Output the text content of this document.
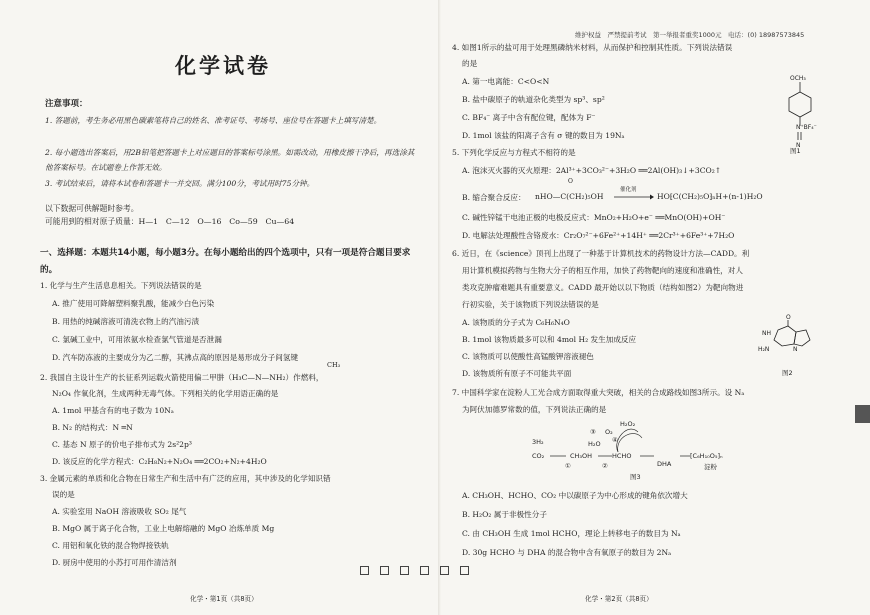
维护权益　严禁提前考试　第一举报者重奖1000元　电话：(0) 18987573845
化学试卷
注意事项：
1. 答题前，考生务必用黑色碳素笔将自己的姓名、准考证号、考场号、座位号在答题卡上填写清楚。
2. 每小题选出答案后，用2B铅笔把答题卡上对应题目的答案标号涂黑。如需改动，用橡皮擦干净后，再选涂其他答案标号。在试题卷上作答无效。
3. 考试结束后，请将本试卷和答题卡一并交回。满分100分，考试用时75分钟。
以下数据可供解题时参考。
可能用到的相对原子质量：H—1　C—12　O—16　Co—59　Cu—64
一、选择题：本题共14小题，每小题3分。在每小题给出的四个选项中，只有一项是符合题目要求的。
1. 化学与生产生活息息相关。下列说法错误的是
A. 推广使用可降解塑料聚乳酸，能减少白色污染
B. 用热的纯碱溶液可清洗衣物上的汽油污渍
C. 氯碱工业中，可用浓氨水检查氯气管道是否泄漏
D. 汽车防冻液的主要成分为乙二醇，其沸点高的原因是易形成分子间氢键
CH₃
2. 我国自主设计生产的长征系列运载火箭使用偏二甲肼（H₃C—N—NH₂）作燃料，
N₂O₄ 作氧化剂，生成两种无毒气体。下列相关的化学用语正确的是
A. 1mol 甲基含有的电子数为 10Nₐ
B. N₂ 的结构式：N ═N
C. 基态 N 原子的价电子排布式为 2s²2p³
D. 该反应的化学方程式：C₂H₈N₂+N₂O₄ ══2CO₂+N₂+4H₂O
3. 金属元素的单质和化合物在日常生产和生活中有广泛的应用，其中涉及的化学知识错
误的是
A. 实验室用 NaOH 溶液吸收 SO₂ 尾气
B. MgO 属于离子化合物，工业上电解熔融的 MgO 冶炼单质 Mg
C. 用铝和氧化铁的混合物焊接铁轨
D. 厨房中使用的小苏打可用作清洁剂
化学・第1页（共8页）
4. 如图1所示的盐可用于处理黑磷纳米材料，从而保护和控制其性质。下列说法错误
的是
A. 第一电离能：C<O<N
B. 盐中碳原子的轨道杂化类型为 sp³、sp²
C. BF₄⁻ 离子中含有配位键，配体为 F⁻
D. 1mol 该盐的阳离子含有 σ 键的数目为 19Nₐ
OCH₃
N⁺BF₄⁻
N
图1
5. 下列化学反应与方程式不相符的是
A. 泡沫灭火器的灭火原理：2Al³⁺+3CO₃²⁻+3H₂O ══2Al(OH)₃↓+3CO₂↑
B. 缩合聚合反应：
O
nHO—C(CH₂)₅OH
催化剂
HO⁅C(CH₂)₅O⁆ₙH+(n-1)H₂O
C. 碱性锌锰干电池正极的电极反应式：MnO₂+H₂O+e⁻ ══MnO(OH)+OH⁻
D. 电解法处理酸性含铬废水：Cr₂O₇²⁻+6Fe²⁺+14H⁺ ══2Cr³⁺+6Fe³⁺+7H₂O
6. 近日，在《science》顶刊上出现了一种基于计算机技术的药物设计方法—CADD。利
用计算机模拟药物与生物大分子的相互作用，加快了药物靶向的速度和准确性，对人
类攻克肿瘤难题具有重要意义。CADD 最开始以以下物质（结构如图2）为靶向物进
行初实验，关于该物质下列说法错误的是
A. 该物质的分子式为 C₆H₆N₄O
B. 1mol 该物质最多可以和 4mol H₂ 发生加成反应
C. 该物质可以使酸性高锰酸钾溶液褪色
D. 该物质所有原子不可能共平面
O
NH
H₂N	N
图2
7. 中国科学家在淀粉人工光合成方面取得重大突破，相关的合成路线如图3所示。设 Nₐ
为阿伏加德罗常数的值，下列说法正确的是
3H₂
CO₂	CH₃OH	HCHO
DHA
[C₆H₁₀O₅]ₙ
淀粉
O₂
H₂O₂
H₂O
①	②
③
④
图3
A. CH₃OH、HCHO、CO₂ 中以碳原子为中心形成的键角依次增大
B. H₂O₂ 属于非极性分子
C. 由 CH₃OH 生成 1mol HCHO，理论上转移电子的数目为 Nₐ
D. 30g HCHO 与 DHA 的混合物中含有氧原子的数目为 2Nₐ
化学・第2页（共8页）
